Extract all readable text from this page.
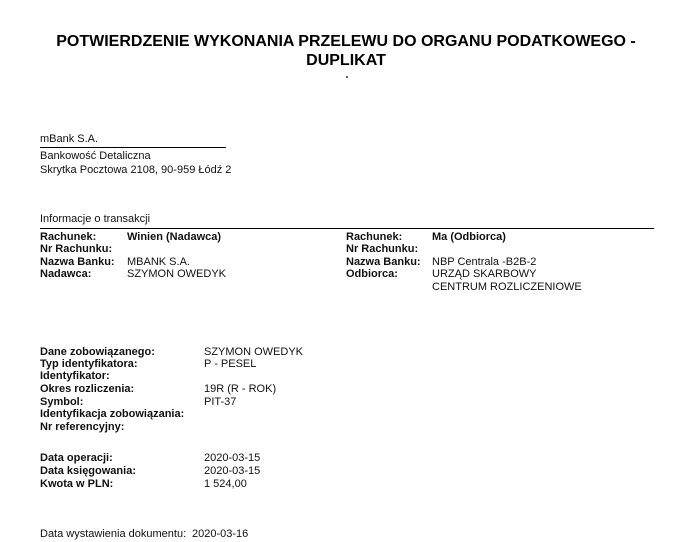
POTWIERDZENIE WYKONANIA PRZELEWU DO ORGANU PODATKOWEGO -
DUPLIKAT
mBank S.A.
Bankowość Detaliczna
Skrytka Pocztowa 2108, 90-959 Łódź 2
Informacje o transakcji
Rachunek:	Winien (Nadawca)
Nr Rachunku:
Nazwa Banku: MBANK S.A.
Nadawca:	SZYMON OWEDYK
Rachunek:	Ma (Odbiorca)
Nr Rachunku:
Nazwa Banku: NBP Centrala -B2B-2
Odbiorca:	URZĄD SKARBOWY
CENTRUM ROZLICZENIOWE
Dane zobowiązanego:	SZYMON OWEDYK
Typ identyfikatora:	P - PESEL
Identyfikator:
Okres rozliczenia:	19R (R - ROK)
Symbol:	PIT-37
Identyfikacja zobowiązania:
Nr referencyjny:
Data operacji:	2020-03-15
Data księgowania:	2020-03-15
Kwota w PLN:	1 524,00
Data wystawienia dokumentu: 2020-03-16
